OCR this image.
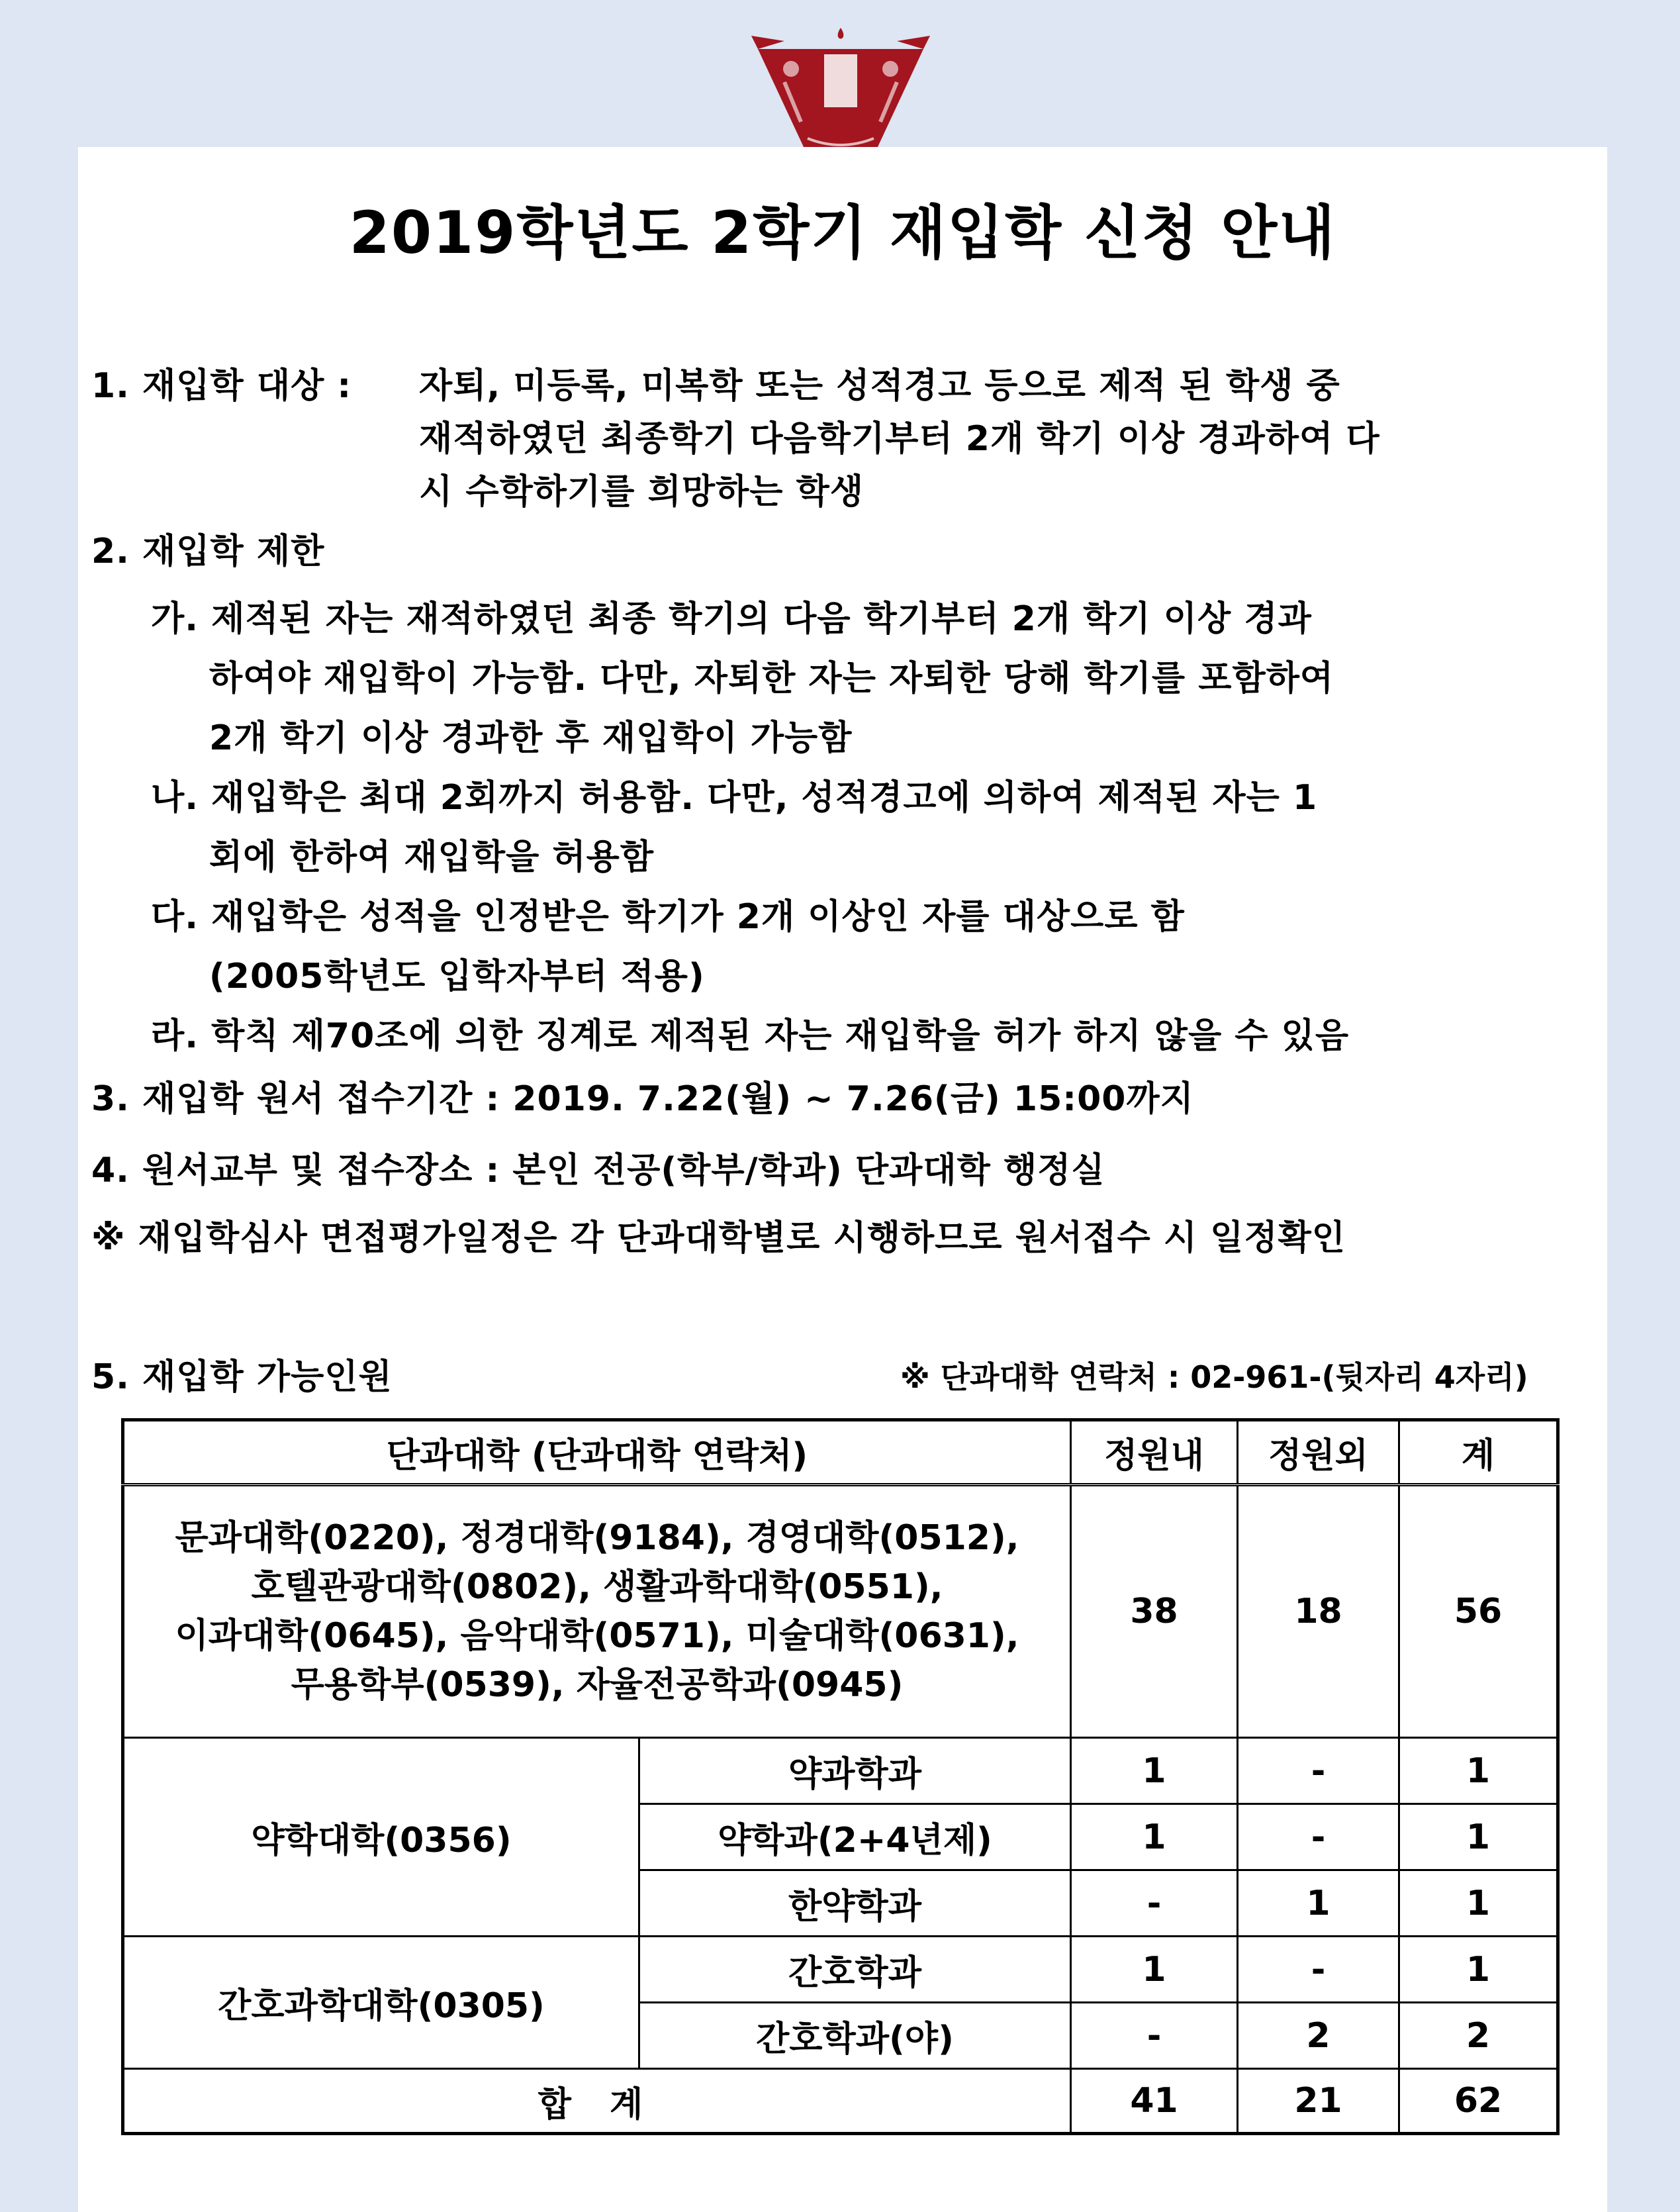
2019학년도 2학기 재입학 신청 안내
1. 재입학 대상 : 자퇴, 미등록, 미복학 또는 성적경고 등으로 제적 된 학생 중
재적하였던 최종학기 다음학기부터 2개 학기 이상 경과하여 다
시 수학하기를 희망하는 학생
2. 재입학 제한
가. 제적된 자는 재적하였던 최종 학기의 다음 학기부터 2개 학기 이상 경과
하여야 재입학이 가능함. 다만, 자퇴한 자는 자퇴한 당해 학기를 포함하여
2개 학기 이상 경과한 후 재입학이 가능함
나. 재입학은 최대 2회까지 허용함. 다만, 성적경고에 의하여 제적된 자는 1
회에 한하여 재입학을 허용함
다. 재입학은 성적을 인정받은 학기가 2개 이상인 자를 대상으로 함
(2005학년도 입학자부터 적용)
라. 학칙 제70조에 의한 징계로 제적된 자는 재입학을 허가 하지 않을 수 있음
3. 재입학 원서 접수기간 : 2019. 7.22(월) ~ 7.26(금) 15:00까지
4. 원서교부 및 접수장소 : 본인 전공(학부/학과) 단과대학 행정실
※ 재입학심사 면접평가일정은 각 단과대학별로 시행하므로 원서접수 시 일정확인
5. 재입학 가능인원	※ 단과대학 연락처 : 02-961-(뒷자리 4자리)
단과대학 (단과대학 연락처)		정원내	정원외	계

문과대학(0220), 정경대학(9184), 경영대학(0512),
호텔관광대학(0802), 생활과학대학(0551),
이과대학(0645), 음악대학(0571), 미술대학(0631),
무용학부(0539), 자율전공학과(0945)		38	18	56
약학대학(0356)	약과학과	1	-	1
	약학과(2+4년제)	1	-	1
	한약학과	-	1	1
간호과학대학(0305)	간호학과	1	-	1
	간호학과(야)	-	2	2
합 계		41	21	62
